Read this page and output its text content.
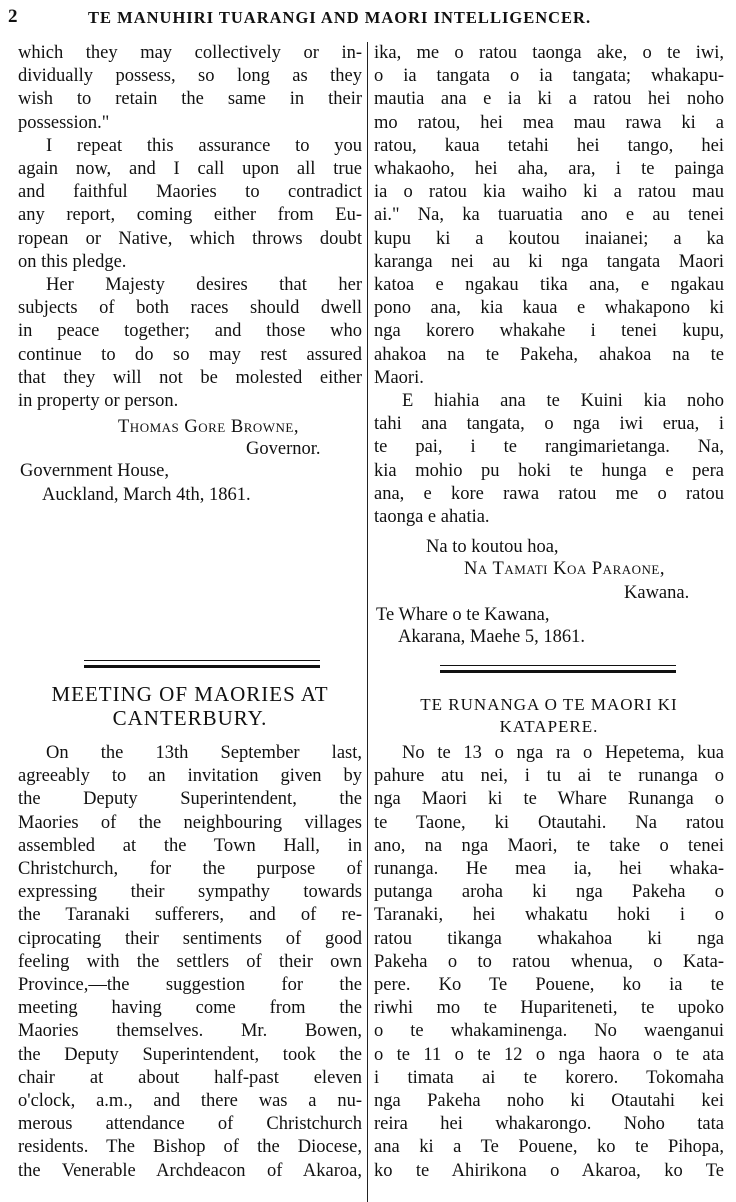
2	TE MANUHIRI TUARANGI AND MAORI INTELLIGENCER.
which they may collectively or in-
dividually possess, so long as they
wish to retain the same in their
possession."
I repeat this assurance to you
again now, and I call upon all true
and faithful Maories to contradict
any report, coming either from Eu-
ropean or Native, which throws doubt
on this pledge.
Her Majesty desires that her
subjects of both races should dwell
in peace together; and those who
continue to do so may rest assured
that they will not be molested either
in property or person.
Thomas Gore Browne,
Governor.
Government House,
Auckland, March 4th, 1861.
MEETING OF MAORIES AT
CANTERBURY.
On the 13th September last,
agreeably to an invitation given by
the Deputy Superintendent, the
Maories of the neighbouring villages
assembled at the Town Hall, in
Christchurch, for the purpose of
expressing their sympathy towards
the Taranaki sufferers, and of re-
ciprocating their sentiments of good
feeling with the settlers of their own
Province,—the suggestion for the
meeting having come from the
Maories themselves. Mr. Bowen,
the Deputy Superintendent, took the
chair at about half-past eleven
o'clock, a.m., and there was a nu-
merous attendance of Christchurch
residents. The Bishop of the Diocese,
the Venerable Archdeacon of Akaroa,
ika, me o ratou taonga ake, o te iwi,
o ia tangata o ia tangata; whakapu-
mautia ana e ia ki a ratou hei noho
mo ratou, hei mea mau rawa ki a
ratou, kaua tetahi hei tango, hei
whakaoho, hei aha, ara, i te painga
ia o ratou kia waiho ki a ratou mau
ai." Na, ka tuaruatia ano e au tenei
kupu ki a koutou inaianei; a ka
karanga nei au ki nga tangata Maori
katoa e ngakau tika ana, e ngakau
pono ana, kia kaua e whakapono ki
nga korero whakahe i tenei kupu,
ahakoa na te Pakeha, ahakoa na te
Maori.
E hiahia ana te Kuini kia noho
tahi ana tangata, o nga iwi erua, i
te pai, i te rangimarietanga. Na,
kia mohio pu hoki te hunga e pera
ana, e kore rawa ratou me o ratou
taonga e ahatia.
Na to koutou hoa,
Na Tamati Koa Paraone,
Kawana.
Te Whare o te Kawana,
Akarana, Maehe 5, 1861.
TE RUNANGA O TE MAORI KI
KATAPERE.
No te 13 o nga ra o Hepetema, kua
pahure atu nei, i tu ai te runanga o
nga Maori ki te Whare Runanga o
te Taone, ki Otautahi. Na ratou
ano, na nga Maori, te take o tenei
runanga. He mea ia, hei whaka-
putanga aroha ki nga Pakeha o
Taranaki, hei whakatu hoki i o
ratou tikanga whakahoa ki nga
Pakeha o to ratou whenua, o Kata-
pere. Ko Te Pouene, ko ia te
riwhi mo te Hupariteneti, te upoko
o te whakaminenga. No waenganui
o te 11 o te 12 o nga haora o te ata
i timata ai te korero. Tokomaha
nga Pakeha noho ki Otautahi kei
reira hei whakarongo. Noho tata
ana ki a Te Pouene, ko te Pihopa,
ko te Ahirikona o Akaroa, ko Te
